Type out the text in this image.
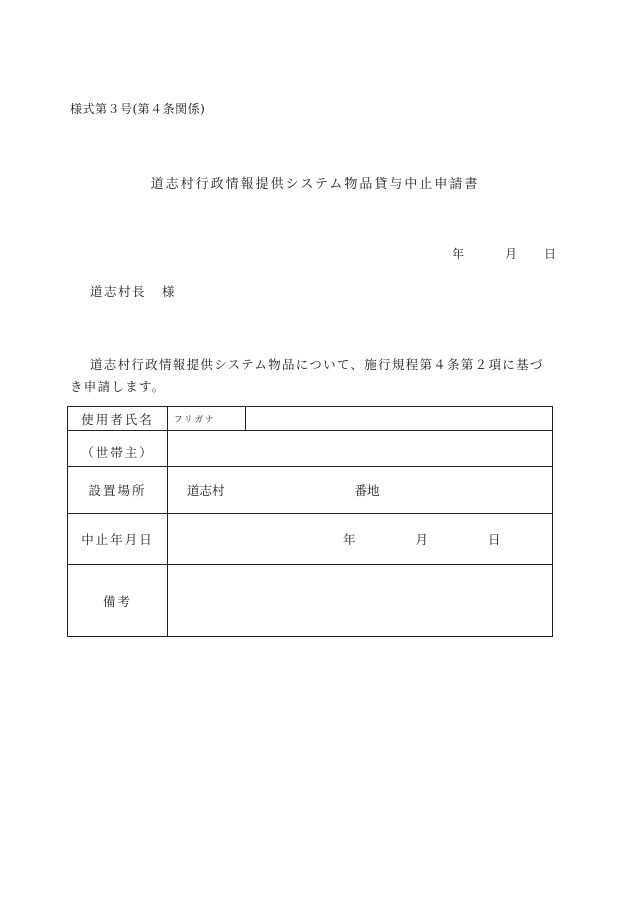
様式第３号(第４条関係)
道志村行政情報提供システム物品貸与中止申請書
年	月 日
道志村長 様
道志村行政情報提供システム物品について、施行規程第４条第２項に基づき申請します。
使用者氏名	フリガナ	
（世帯主）		
設置場所	道志村 番地	
中止年月日	年 月 日	
備考		
